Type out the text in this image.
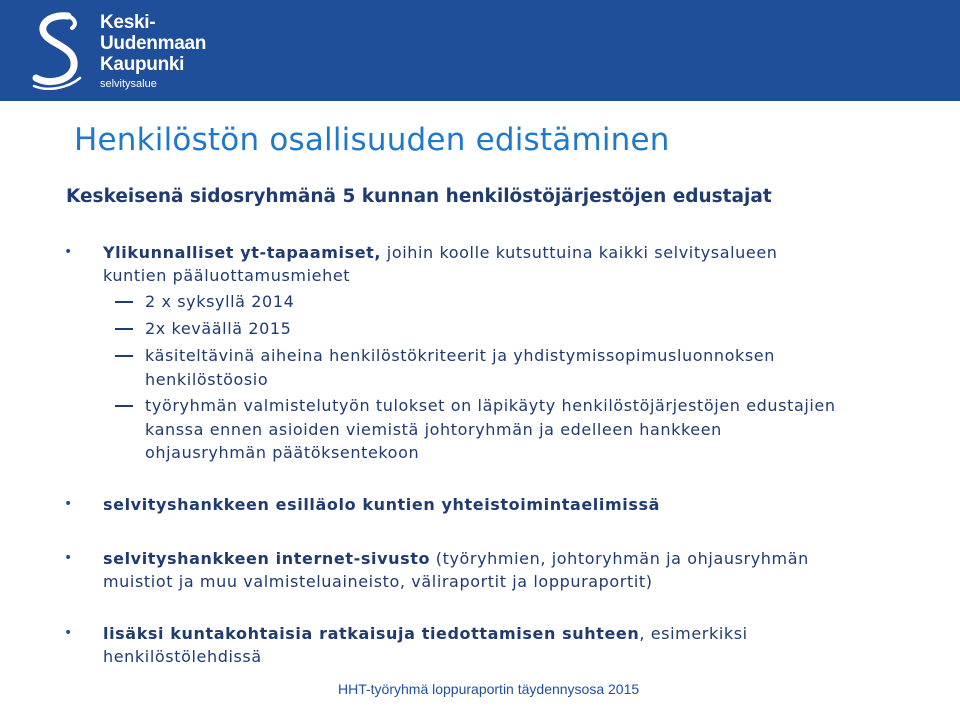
Keski-
Uudenmaan
Kaupunki
selvitysalue
Henkilöstön osallisuuden edistäminen
Keskeisenä sidosryhmänä 5 kunnan henkilöstöjärjestöjen edustajat
• Ylikunnalliset yt-tapaamiset, joihin koolle kutsuttuina kaikki selvitysalueen
kuntien pääluottamusmiehet
2 x syksyllä 2014
2x keväällä 2015
käsiteltävinä aiheina henkilöstökriteerit ja yhdistymissopimusluonnoksen
henkilöstöosio
työryhmän valmistelutyön tulokset on läpikäyty henkilöstöjärjestöjen edustajien
kanssa ennen asioiden viemistä johtoryhmän ja edelleen hankkeen
ohjausryhmän päätöksentekoon
• selvityshankkeen esilläolo kuntien yhteistoimintaelimissä
• selvityshankkeen internet-sivusto (työryhmien, johtoryhmän ja ohjausryhmän
muistiot ja muu valmisteluaineisto, väliraportit ja loppuraportit)
• lisäksi kuntakohtaisia ratkaisuja tiedottamisen suhteen, esimerkiksi
henkilöstölehdissä
HHT-työryhmä loppuraportin täydennysosa 2015
